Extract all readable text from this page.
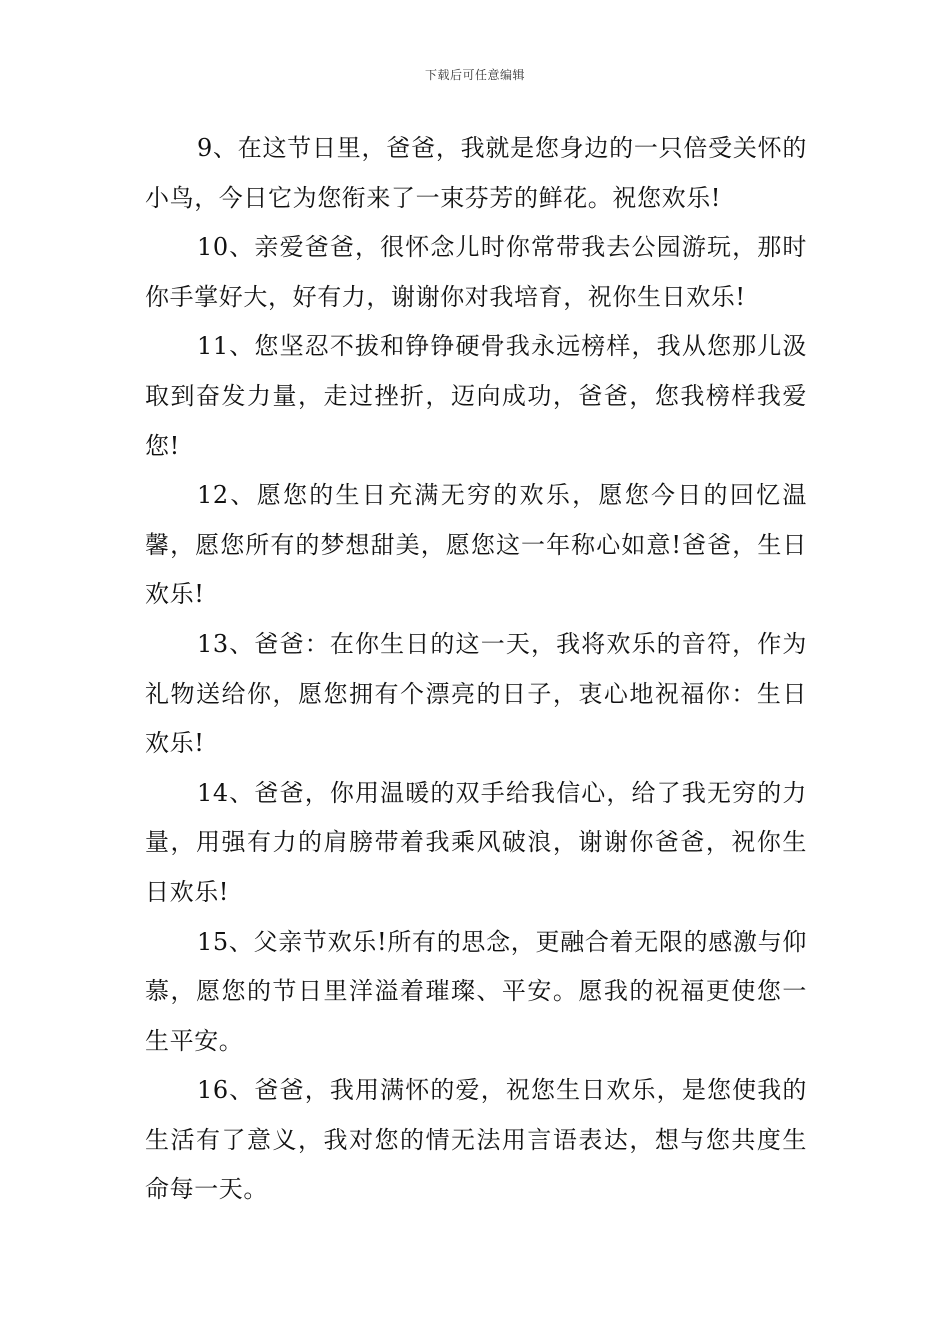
下载后可任意编辑

9、在这节日里，爸爸，我就是您身边的一只倍受关怀的小鸟，今日它为您衔来了一束芬芳的鲜花。祝您欢乐!

10、亲爱爸爸，很怀念儿时你常带我去公园游玩，那时你手掌好大，好有力，谢谢你对我培育，祝你生日欢乐!

11、您坚忍不拔和铮铮硬骨我永远榜样，我从您那儿汲取到奋发力量，走过挫折，迈向成功，爸爸，您我榜样我爱您!

12、愿您的生日充满无穷的欢乐，愿您今日的回忆温馨，愿您所有的梦想甜美，愿您这一年称心如意!爸爸，生日欢乐!

13、爸爸：在你生日的这一天，我将欢乐的音符，作为礼物送给你，愿您拥有个漂亮的日子，衷心地祝福你：生日欢乐!

14、爸爸，你用温暖的双手给我信心，给了我无穷的力量，用强有力的肩膀带着我乘风破浪，谢谢你爸爸，祝你生日欢乐!

15、父亲节欢乐!所有的思念，更融合着无限的感激与仰慕，愿您的节日里洋溢着璀璨、平安。愿我的祝福更使您一生平安。

16、爸爸，我用满怀的爱，祝您生日欢乐，是您使我的生活有了意义，我对您的情无法用言语表达，想与您共度生命每一天。
